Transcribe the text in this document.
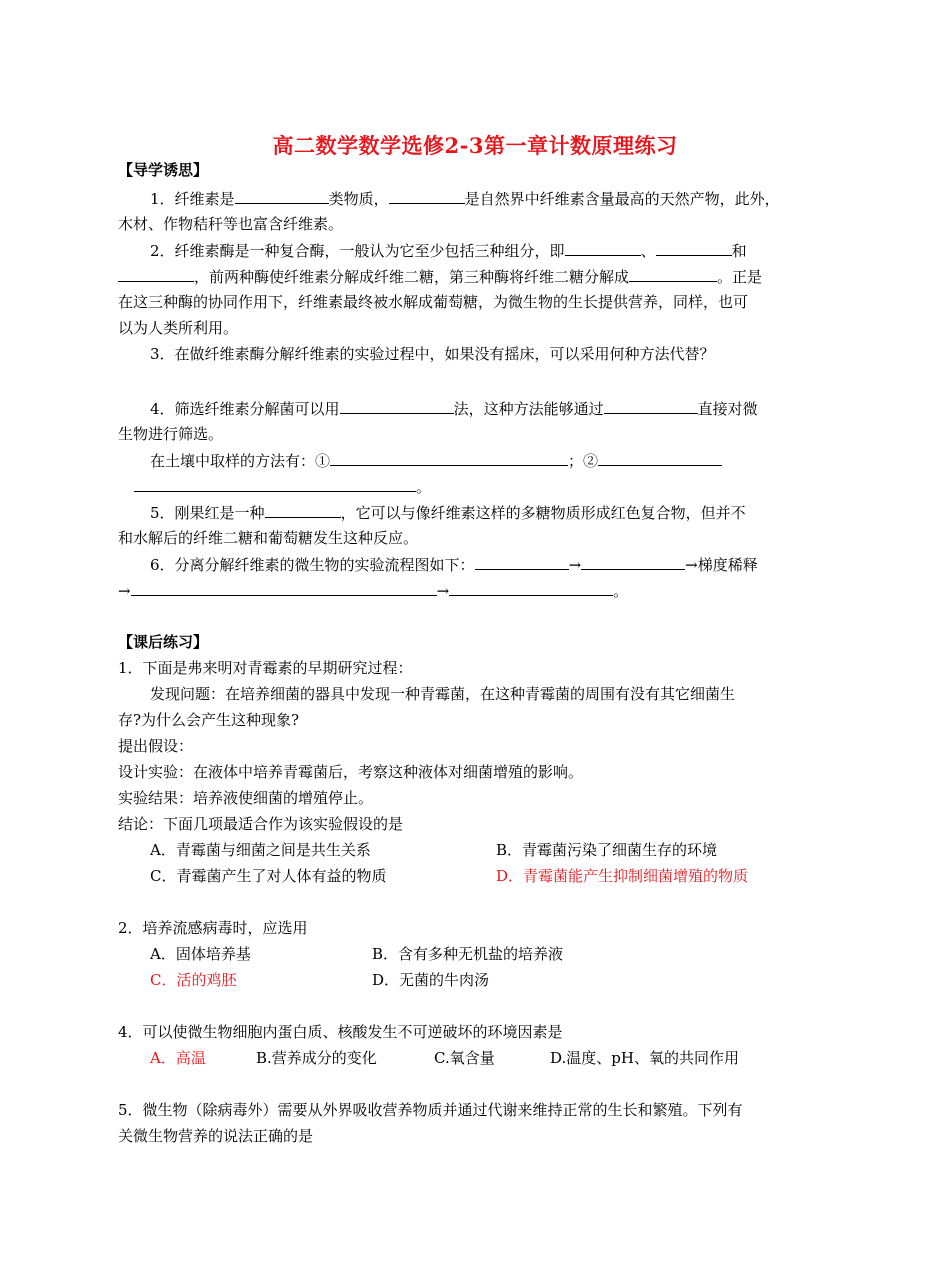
高二数学数学选修2-3第一章计数原理练习
【导学诱思】
1．纤维素是	类物质，	是自然界中纤维素含量最高的天然产物，此外，
木材、作物秸秆等也富含纤维素。
2．纤维素酶是一种复合酶，一般认为它至少包括三种组分，即	、	和
，前两种酶使纤维素分解成纤维二糖，第三种酶将纤维二糖分解成	。正是
在这三种酶的协同作用下，纤维素最终被水解成葡萄糖，为微生物的生长提供营养，同样，也可
以为人类所利用。
3．在做纤维素酶分解纤维素的实验过程中，如果没有摇床，可以采用何种方法代替？
4．筛选纤维素分解菌可以用	法，这种方法能够通过	直接对微
生物进行筛选。
在土壤中取样的方法有：①	；②
。
5．刚果红是一种	，它可以与像纤维素这样的多糖物质形成红色复合物，但并不
和水解后的纤维二糖和葡萄糖发生这种反应。
6．分离分解纤维素的微生物的实验流程图如下：	→	→梯度稀释
→	→	。
【课后练习】
1．下面是弗来明对青霉素的早期研究过程：
发现问题：在培养细菌的器具中发现一种青霉菌，在这种青霉菌的周围有没有其它细菌生
存?为什么会产生这种现象?
提出假设：
设计实验：在液体中培养青霉菌后，考察这种液体对细菌增殖的影响。
实验结果：培养液使细菌的增殖停止。
结论：下面几项最适合作为该实验假设的是
A．青霉菌与细菌之间是共生关系	B．青霉菌污染了细菌生存的环境
C．青霉菌产生了对人体有益的物质	D．青霉菌能产生抑制细菌增殖的物质
2．培养流感病毒时，应选用
A．固体培养基	B．含有多种无机盐的培养液
C．活的鸡胚	D．无菌的牛肉汤
4．可以使微生物细胞内蛋白质、核酸发生不可逆破坏的环境因素是
A．高温	B.营养成分的变化	C.氧含量	D.温度、pH、氧的共同作用
5．微生物（除病毒外）需要从外界吸收营养物质并通过代谢来维持正常的生长和繁殖。下列有
关微生物营养的说法正确的是
